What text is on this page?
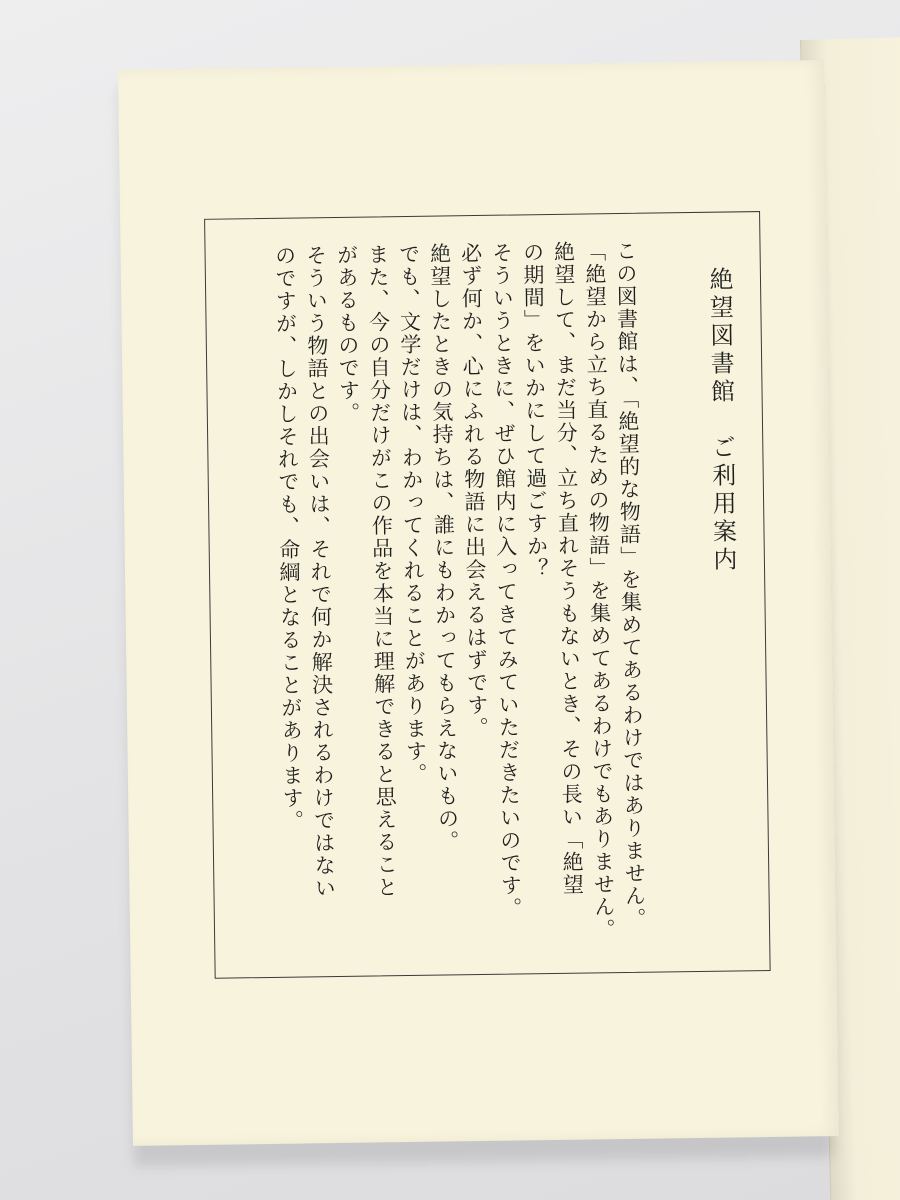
絶望図書館　ご利用案内
この図書館は、「絶望的な物語」を集めてあるわけではありません。
「絶望から立ち直るための物語」を集めてあるわけでもありません。
絶望して、まだ当分、立ち直れそうもないとき、その長い「絶望
の期間」をいかにして過ごすか？
そういうときに、ぜひ館内に入ってきてみていただきたいのです。
必ず何か、心にふれる物語に出会えるはずです。
絶望したときの気持ちは、誰にもわかってもらえないもの。
でも、文学だけは、わかってくれることがあります。
また、今の自分だけがこの作品を本当に理解できると思えること
があるものです。
そういう物語との出会いは、それで何か解決されるわけではない
のですが、しかしそれでも、命綱となることがあります。
